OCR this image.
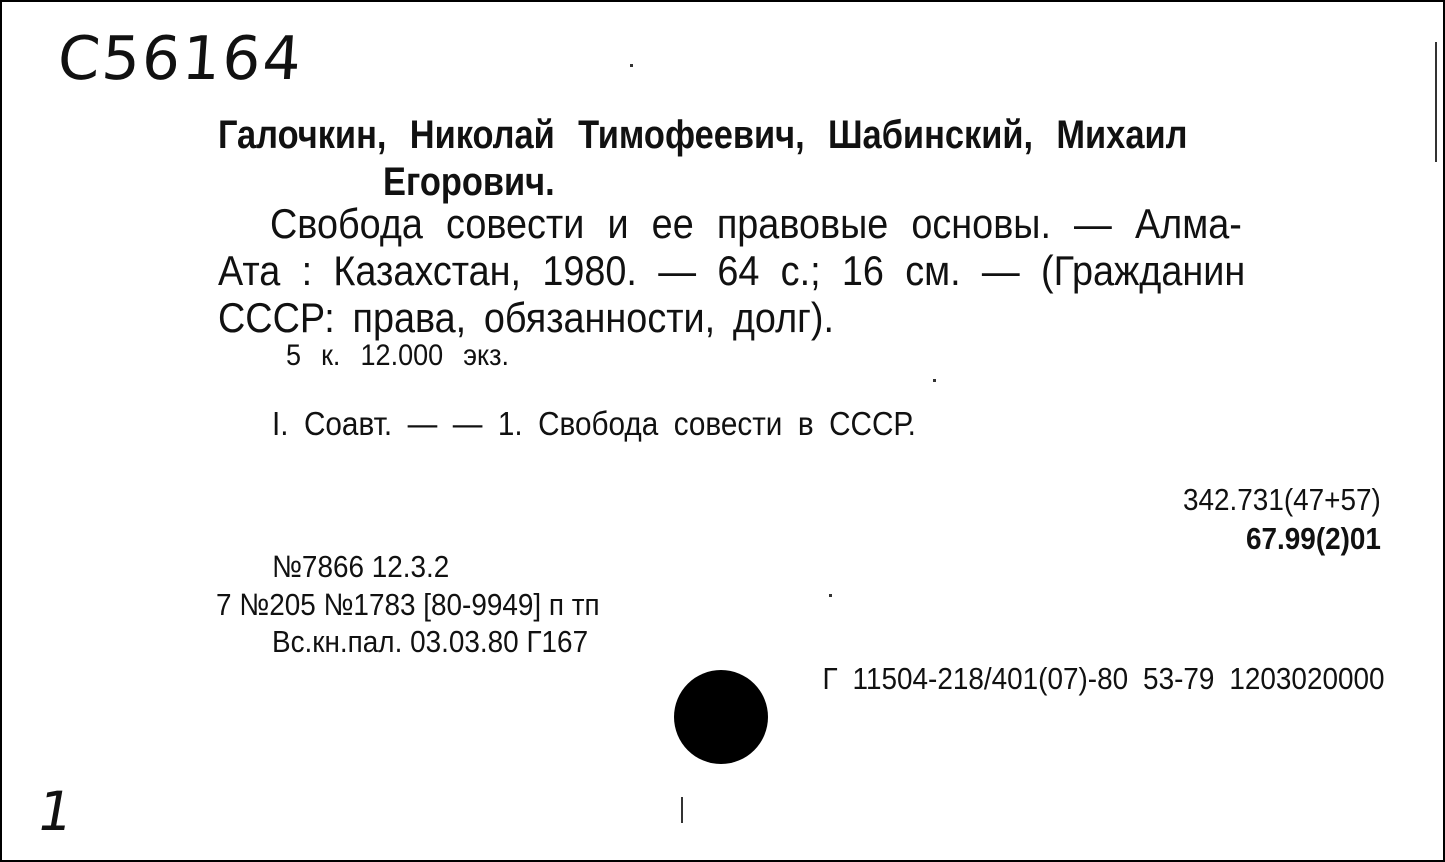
С56164
Галочкин, Николай Тимофеевич, Шабинский, Михаил
Егорович.
Свобода совести и ее правовые основы. — Алма-
Ата : Казахстан, 1980. — 64 с.; 16 см. — (Гражданин
СССР: права, обязанности, долг).
5 к. 12.000 экз.
I. Соавт. — — 1. Свобода совести в СССР.
342.731(47+57)
67.99(2)01
№7866 12.3.2
7 №205 №1783 [80-9949] п тп
Вс.кн.пал. 03.03.80 Г167
Г 11504-218/401(07)-80 53-79 1203020000
1
